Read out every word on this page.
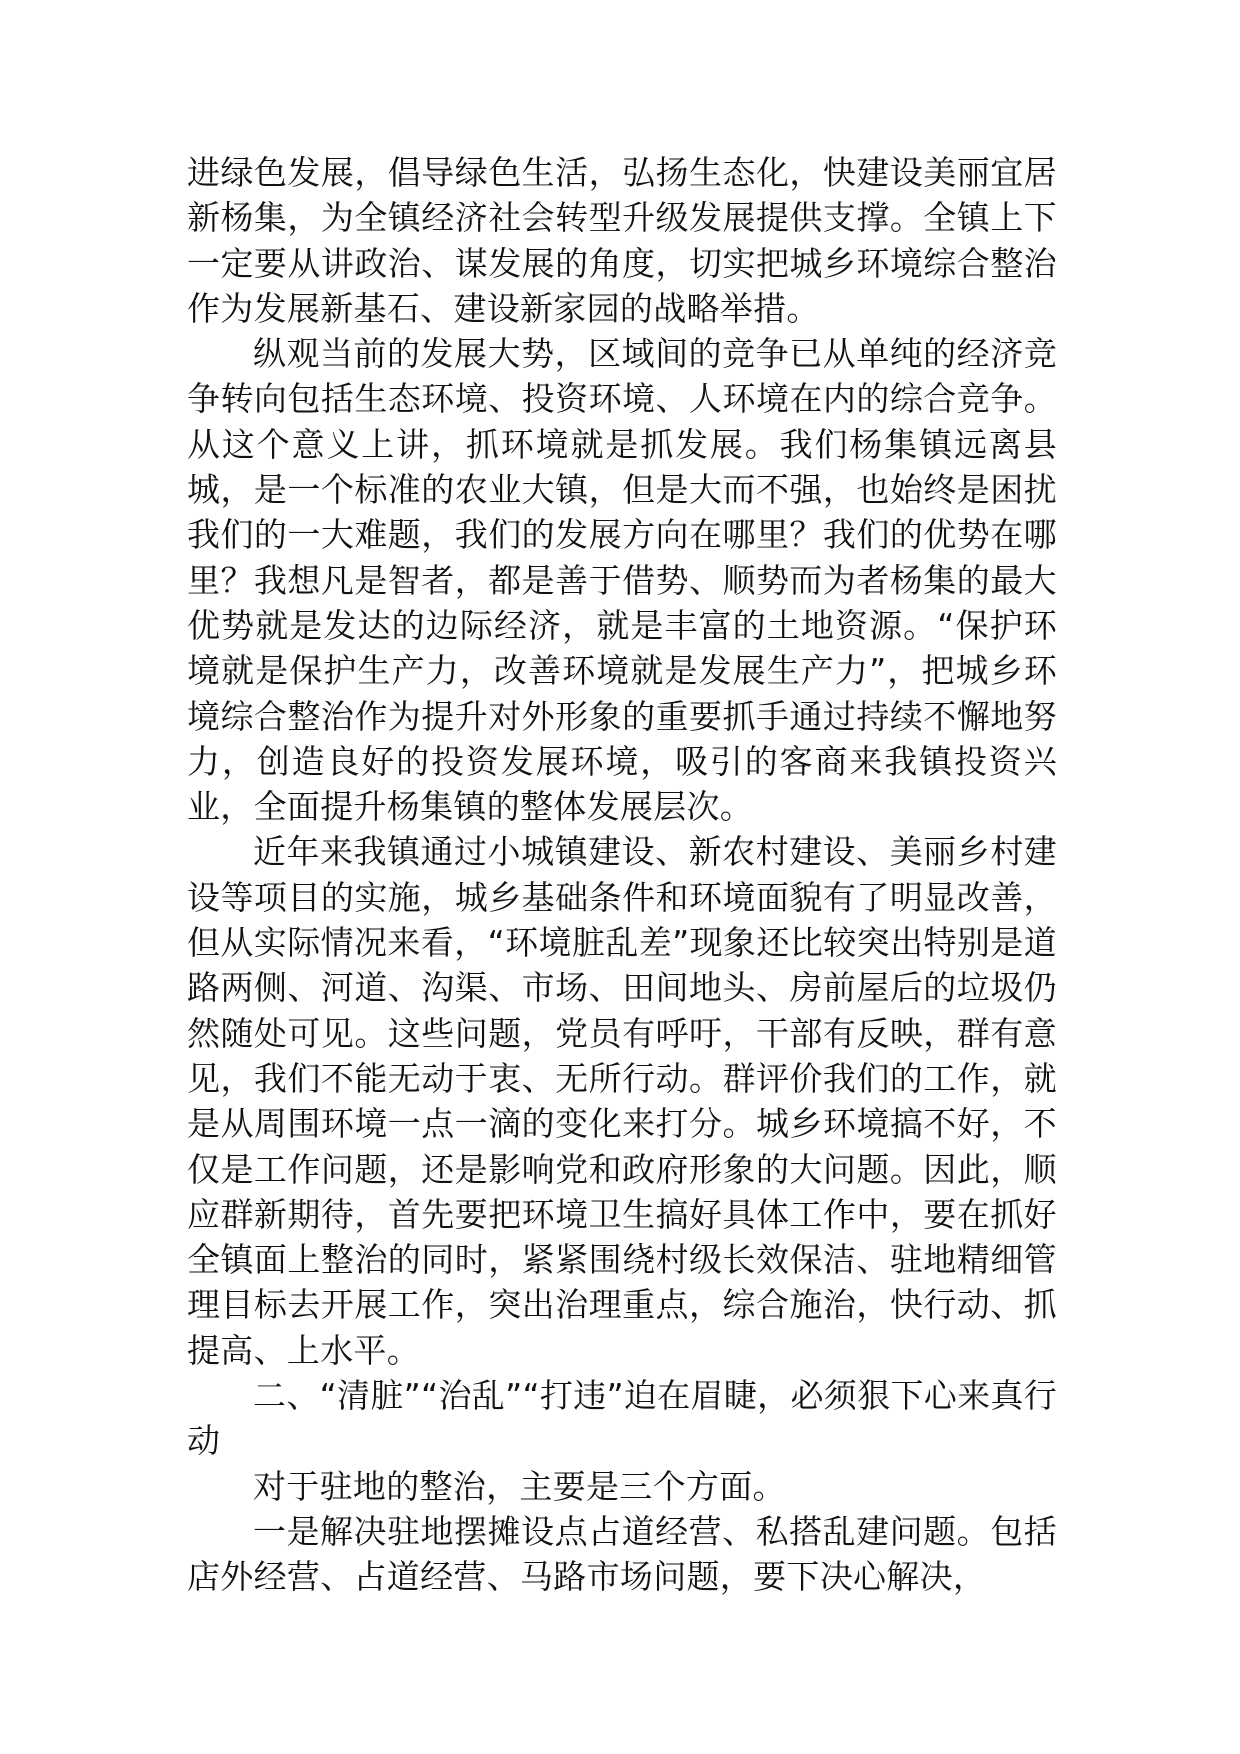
进绿色发展，倡导绿色生活，弘扬生态化，快建设美丽宜居新杨集，为全镇经济社会转型升级发展提供支撑。全镇上下一定要从讲政治、谋发展的角度，切实把城乡环境综合整治作为发展新基石、建设新家园的战略举措。

纵观当前的发展大势，区域间的竞争已从单纯的经济竞争转向包括生态环境、投资环境、人环境在内的综合竞争。从这个意义上讲，抓环境就是抓发展。我们杨集镇远离县城，是一个标准的农业大镇，但是大而不强，也始终是困扰我们的一大难题，我们的发展方向在哪里？我们的优势在哪里？我想凡是智者，都是善于借势、顺势而为者杨集的最大优势就是发达的边际经济，就是丰富的土地资源。“保护环境就是保护生产力，改善环境就是发展生产力”，把城乡环境综合整治作为提升对外形象的重要抓手通过持续不懈地努力，创造良好的投资发展环境，吸引的客商来我镇投资兴业，全面提升杨集镇的整体发展层次。

近年来我镇通过小城镇建设、新农村建设、美丽乡村建设等项目的实施，城乡基础条件和环境面貌有了明显改善，但从实际情况来看，“环境脏乱差”现象还比较突出特别是道路两侧、河道、沟渠、市场、田间地头、房前屋后的垃圾仍然随处可见。这些问题，党员有呼吁，干部有反映，群有意见，我们不能无动于衷、无所行动。群评价我们的工作，就是从周围环境一点一滴的变化来打分。城乡环境搞不好，不仅是工作问题，还是影响党和政府形象的大问题。因此，顺应群新期待，首先要把环境卫生搞好具体工作中，要在抓好全镇面上整治的同时，紧紧围绕村级长效保洁、驻地精细管理目标去开展工作，突出治理重点，综合施治，快行动、抓提高、上水平。

二、“清脏”“治乱”“打违”迫在眉睫，必须狠下心来真行动

对于驻地的整治，主要是三个方面。

一是解决驻地摆摊设点占道经营、私搭乱建问题。包括店外经营、占道经营、马路市场问题，要下决心解决，
